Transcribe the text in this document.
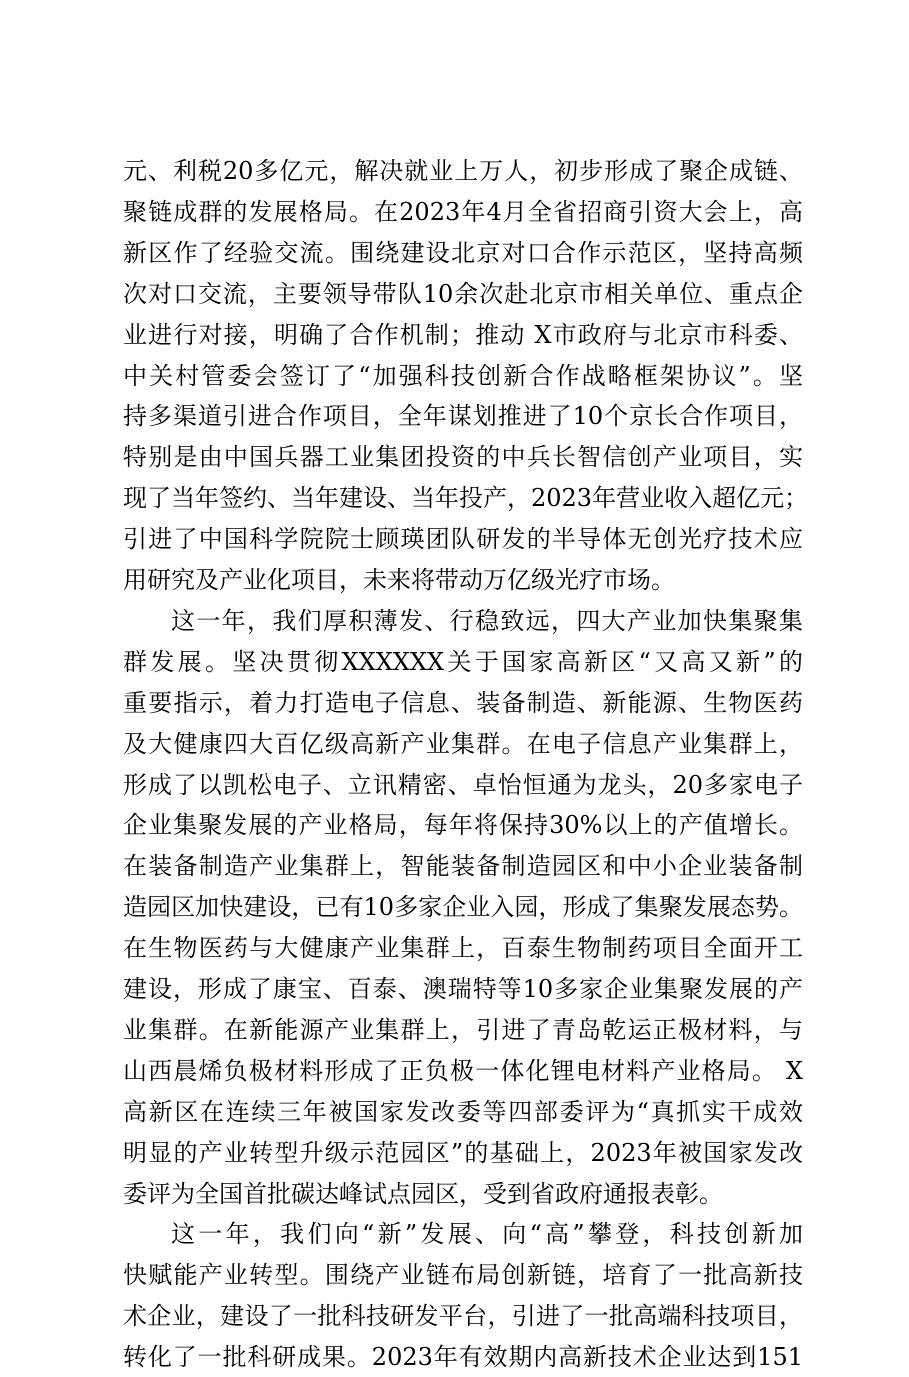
元、利税20多亿元，解决就业上万人，初步形成了聚企成链、
聚链成群的发展格局。在2023年4月全省招商引资大会上，高
新区作了经验交流。围绕建设北京对口合作示范区，坚持高频
次对口交流，主要领导带队10余次赴北京市相关单位、重点企
业进行对接，明确了合作机制；推动 X市政府与北京市科委、
中关村管委会签订了“加强科技创新合作战略框架协议”。坚
持多渠道引进合作项目，全年谋划推进了10个京长合作项目，
特别是由中国兵器工业集团投资的中兵长智信创产业项目，实
现了当年签约、当年建设、当年投产，2023年营业收入超亿元；
引进了中国科学院院士顾瑛团队研发的半导体无创光疗技术应
用研究及产业化项目，未来将带动万亿级光疗市场。
这一年，我们厚积薄发、行稳致远，四大产业加快集聚集
群发展。坚决贯彻XXXXXX关于国家高新区“又高又新”的
重要指示，着力打造电子信息、装备制造、新能源、生物医药
及大健康四大百亿级高新产业集群。在电子信息产业集群上，
形成了以凯松电子、立讯精密、卓怡恒通为龙头，20多家电子
企业集聚发展的产业格局，每年将保持30%以上的产值增长。
在装备制造产业集群上，智能装备制造园区和中小企业装备制
造园区加快建设，已有10多家企业入园，形成了集聚发展态势。
在生物医药与大健康产业集群上，百泰生物制药项目全面开工
建设，形成了康宝、百泰、澳瑞特等10多家企业集聚发展的产
业集群。在新能源产业集群上，引进了青岛乾运正极材料，与
山西晨烯负极材料形成了正负极一体化锂电材料产业格局。 X
高新区在连续三年被国家发改委等四部委评为“真抓实干成效
明显的产业转型升级示范园区”的基础上，2023年被国家发改
委评为全国首批碳达峰试点园区，受到省政府通报表彰。
这一年，我们向“新”发展、向“高”攀登，科技创新加
快赋能产业转型。围绕产业链布局创新链，培育了一批高新技
术企业，建设了一批科技研发平台，引进了一批高端科技项目，
转化了一批科研成果。2023年有效期内高新技术企业达到151
